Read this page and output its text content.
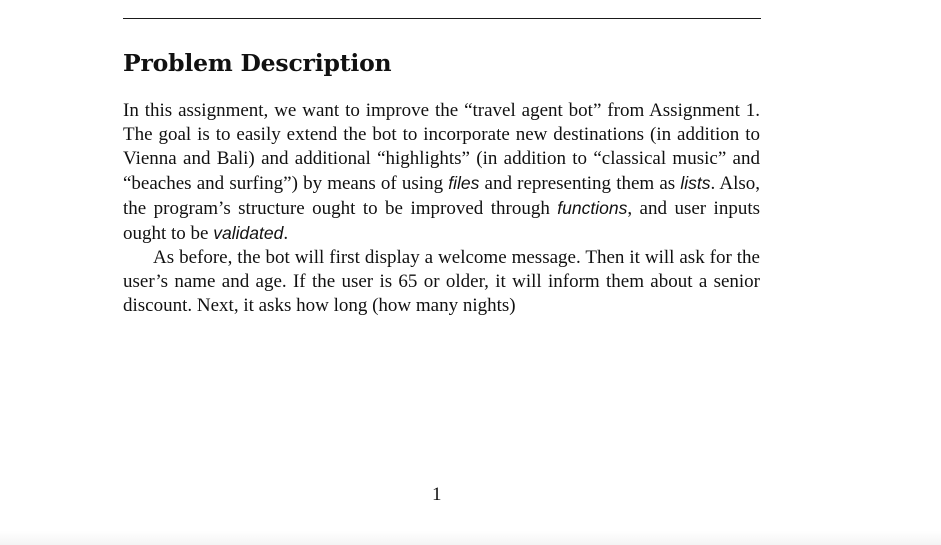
Problem Description

In this assignment, we want to improve the “travel agent bot” from Assignment 1. The goal is to easily extend the bot to incorporate new destinations (in addition to Vienna and Bali) and additional “highlights” (in addition to “classical music” and “beaches and surfing”) by means of using files and representing them as lists. Also, the program’s structure ought to be improved through functions, and user inputs ought to be validated.

As before, the bot will first display a welcome message. Then it will ask for the user’s name and age. If the user is 65 or older, it will inform them about a senior discount. Next, it asks how long (how many nights)

1
